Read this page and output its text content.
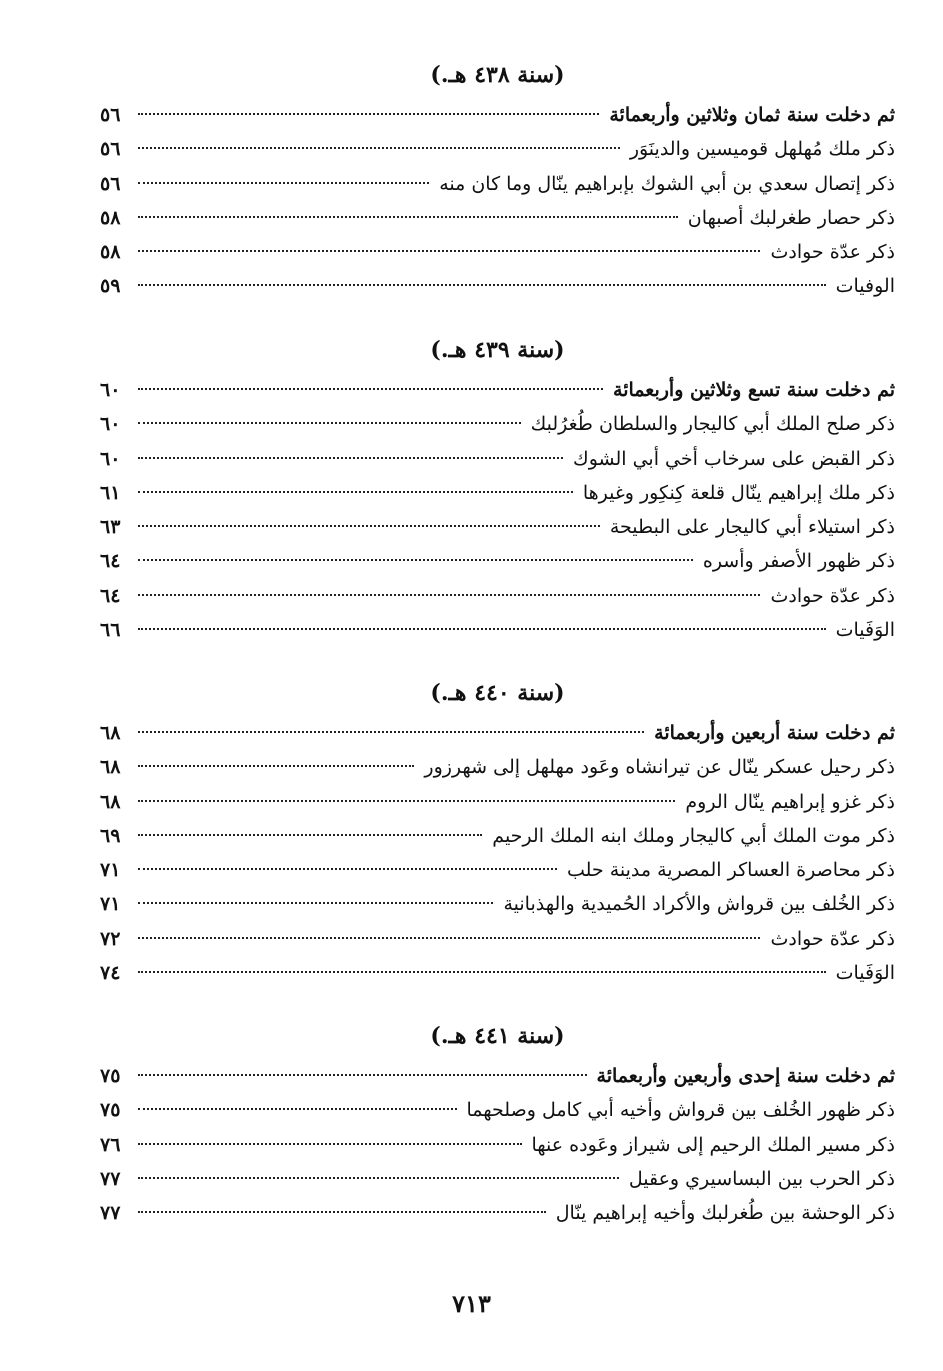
(سنة ٤٣٨ هـ.)
ثم دخلت سنة ثمان وثلاثين وأربعمائة
٥٦
ذكر ملك مُهلهل قوميسين والدينَوَر
٥٦
ذكر إتصال سعدي بن أبي الشوك بإبراهيم ينّال وما كان منه
٥٦
ذكر حصار طغرلبك أصبهان
٥٨
ذكر عدّة حوادث
٥٨
الوفيات
٥٩
(سنة ٤٣٩ هـ.)
ثم دخلت سنة تسع وثلاثين وأربعمائة
٦٠
ذكر صلح الملك أبي كاليجار والسلطان طُغرُلبك
٦٠
ذكر القبض على سرخاب أخي أبي الشوك
٦٠
ذكر ملك إبراهيم ينّال قلعة كِنكِور وغيرها
٦١
ذكر استيلاء أبي كاليجار على البطيحة
٦٣
ذكر ظهور الأصفر وأسره
٦٤
ذكر عدّة حوادث
٦٤
الوَفَيات
٦٦
(سنة ٤٤٠ هـ.)
ثم دخلت سنة أربعين وأربعمائة
٦٨
ذكر رحيل عسكر ينّال عن تيرانشاه وعَود مهلهل إلى شهرزور
٦٨
ذكر غزو إبراهيم ينّال الروم
٦٨
ذكر موت الملك أبي كاليجار وملك ابنه الملك الرحيم
٦٩
ذكر محاصرة العساكر المصرية مدينة حلب
٧١
ذكر الخُلف بين قرواش والأكراد الحُميدية والهذبانية
٧١
ذكر عدّة حوادث
٧٢
الوَفَيات
٧٤
(سنة ٤٤١ هـ.)
ثم دخلت سنة إحدى وأربعين وأربعمائة
٧٥
ذكر ظهور الخُلف بين قرواش وأخيه أبي كامل وصلحهما
٧٥
ذكر مسير الملك الرحيم إلى شيراز وعَوده عنها
٧٦
ذكر الحرب بين البساسيري وعقيل
٧٧
ذكر الوحشة بين طُغرلبك وأخيه إبراهيم ينّال
٧٧
٧١٣
